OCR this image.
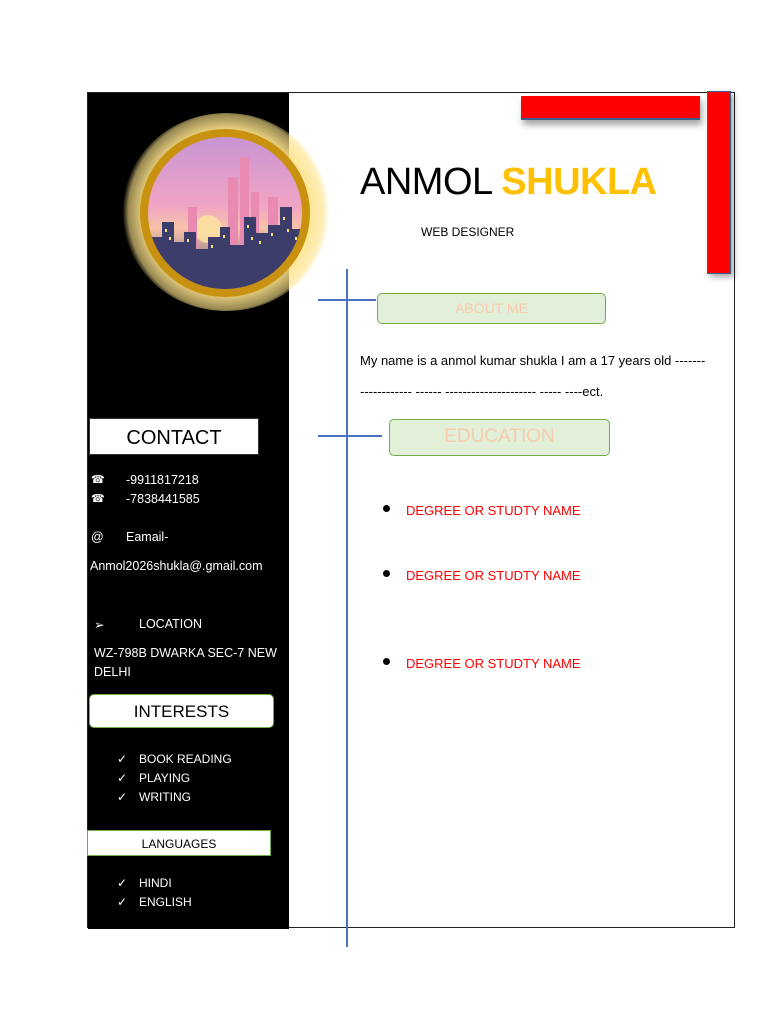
ANMOL SHUKLA
WEB DESIGNER
ABOUT ME
My name is a anmol kumar shukla I am a 17 years old -------
------------ ------ --------------------- ----- ----ect.
EDUCATION
DEGREE OR STUDTY NAME
DEGREE OR STUDTY NAME
DEGREE OR STUDTY NAME
CONTACT
☎ -9911817218
☎ -7838441585
@ Eamail-
Anmol2026shukla@.gmail.com
➢	LOCATION
WZ-798B DWARKA SEC-7 NEW
DELHI
INTERESTS
✓ BOOK READING
✓ PLAYING
✓ WRITING
LANGUAGES
✓ HINDI
✓ ENGLISH
